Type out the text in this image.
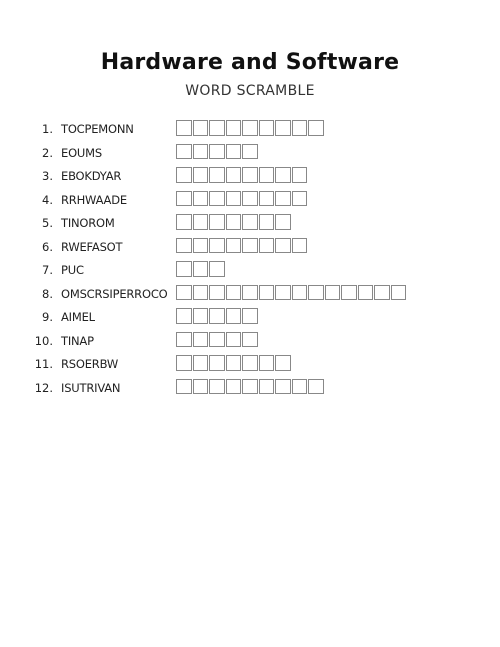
Hardware and Software
WORD SCRAMBLE
1. TOCPEMONN
2. EOUMS
3. EBOKDYAR
4. RRHWAADE
5. TINOROM
6. RWEFASOT
7. PUC
8. OMSCRSIPERROCO
9. AIMEL
10. TINAP
11. RSOERBW
12. ISUTRIVAN
